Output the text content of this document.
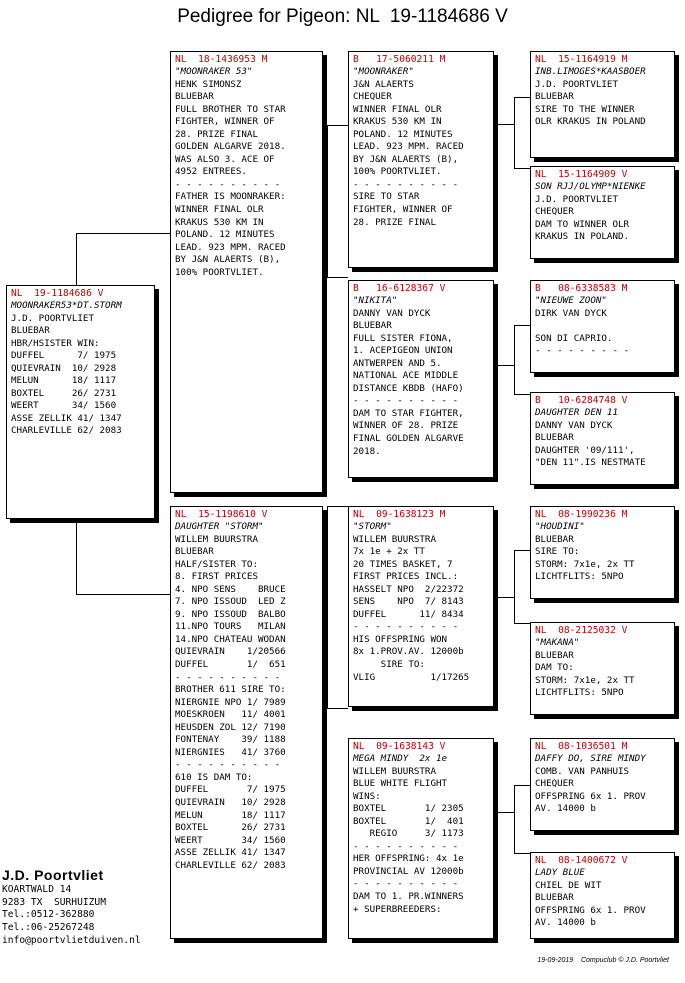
Pedigree for Pigeon: NL  19-1184686 V
NL  19-1184686 V
MOONRAKER53*DT.STORM
J.D. POORTVLIET
BLUEBAR
HBR/HSISTER WIN:
DUFFEL      7/ 1975
QUIEVRAIN  10/ 2928
MELUN      18/ 1117
BOXTEL     26/ 2731
WEERT      34/ 1560
ASSE ZELLIK 41/ 1347
CHARLEVILLE 62/ 2083
NL  18-1436953 M
"MOONRAKER 53"
HENK SIMONSZ
BLUEBAR
FULL BROTHER TO STAR
FIGHTER, WINNER OF
28. PRIZE FINAL
GOLDEN ALGARVE 2018.
WAS ALSO 3. ACE OF
4952 ENTREES.
- - - - - - - - - -
FATHER IS MOONRAKER:
WINNER FINAL OLR
KRAKUS 530 KM IN
POLAND. 12 MINUTES
LEAD. 923 MPM. RACED
BY J&N ALAERTS (B),
100% POORTVLIET.
NL  15-1198610 V
DAUGHTER "STORM"
WILLEM BUURSTRA
BLUEBAR
HALF/SISTER TO:
8. FIRST PRICES
4. NPO SENS    BRUCE
7. NPO ISSOUD  LED Z
9. NPO ISSOUD  BALBO
11.NPO TOURS   MILAN
14.NPO CHATEAU WODAN
QUIEVRAIN    1/20566
DUFFEL       1/  651
- - - - - - - - - -
BROTHER 611 SIRE TO:
NIERGNIE NPO 1/ 7989
MOESKROEN   11/ 4001
HEUSDEN ZOL 12/ 7190
FONTENAY    39/ 1188
NIERGNIES   41/ 3760
- - - - - - - - - -
610 IS DAM TO:
DUFFEL       7/ 1975
QUIEVRAIN   10/ 2928
MELUN       18/ 1117
BOXTEL      26/ 2731
WEERT       34/ 1560
ASSE ZELLIK 41/ 1347
CHARLEVILLE 62/ 2083
B   17-5060211 M
"MOONRAKER"
J&N ALAERTS
CHEQUER
WINNER FINAL OLR
KRAKUS 530 KM IN
POLAND. 12 MINUTES
LEAD. 923 MPM. RACED
BY J&N ALAERTS (B),
100% POORTVLIET.
- - - - - - - - - -
SIRE TO STAR
FIGHTER, WINNER OF
28. PRIZE FINAL
B   16-6128367 V
"NIKITA"
DANNY VAN DYCK
BLUEBAR
FULL SISTER FIONA,
1. ACEPIGEON UNION
ANTWERPEN AND 5.
NATIONAL ACE MIDDLE
DISTANCE KBDB (HAFO)
- - - - - - - - - -
DAM TO STAR FIGHTER,
WINNER OF 28. PRIZE
FINAL GOLDEN ALGARVE
2018.
NL  09-1638123 M
"STORM"
WILLEM BUURSTRA
7x 1e + 2x TT
20 TIMES BASKET, 7
FIRST PRICES INCL.:
HASSELT NPO  2/22372
SENS    NPO  7/ 8143
DUFFEL      11/ 8434
- - - - - - - - - -
HIS OFFSPRING WON
8x 1.PROV.AV. 12000b
SIRE TO:
VLIG          1/17265
NL  09-1638143 V
MEGA MINDY  2x 1e
WILLEM BUURSTRA
BLUE WHITE FLIGHT
WINS:
BOXTEL       1/ 2305
BOXTEL       1/  401
REGIO     3/ 1173
- - - - - - - - - -
HER OFFSPRING: 4x 1e
PROVINCIAL AV 12000b
- - - - - - - - - -
DAM TO 1. PR.WINNERS
+ SUPERBREEDERS:
NL  15-1164919 M
INB.LIMOGES*KAASBOER
J.D. POORTVLIET
BLUEBAR
SIRE TO THE WINNER
OLR KRAKUS IN POLAND
NL  15-1164909 V
SON RJJ/OLYMP*NIENKE
J.D. POORTVLIET
CHEQUER
DAM TO WINNER OLR
KRAKUS IN POLAND.
B   08-6338583 M
"NIEUWE ZOON"
DIRK VAN DYCK

SON DI CAPRIO.
- - - - - - - - -
B   10-6284748 V
DAUGHTER DEN 11
DANNY VAN DYCK
BLUEBAR
DAUGHTER '09/111',
"DEN 11".IS NESTMATE
NL  08-1990236 M
"HOUDINI"
BLUEBAR
SIRE TO:
STORM: 7x1e, 2x TT
LICHTFLITS: 5NPO
NL  08-2125032 V
"MAKANA"
BLUEBAR
DAM TO:
STORM: 7x1e, 2x TT
LICHTFLITS: 5NPO
NL  08-1036501 M
DAFFY DO, SIRE MINDY
COMB. VAN PANHUIS
CHEQUER
OFFSPRING 6x 1. PROV
AV. 14000 b
NL  08-1400672 V
LADY BLUE
CHIEL DE WIT
BLUEBAR
OFFSPRING 6x 1. PROV
AV. 14000 b
J.D. Poortvliet
KOARTWALD 14
9283 TX  SURHUIZUM
Tel.:0512-362880
Tel.:06-25267248
info@poortvlietduiven.nl
19-09-2019    Compuclub © J.D. Poortvliet
